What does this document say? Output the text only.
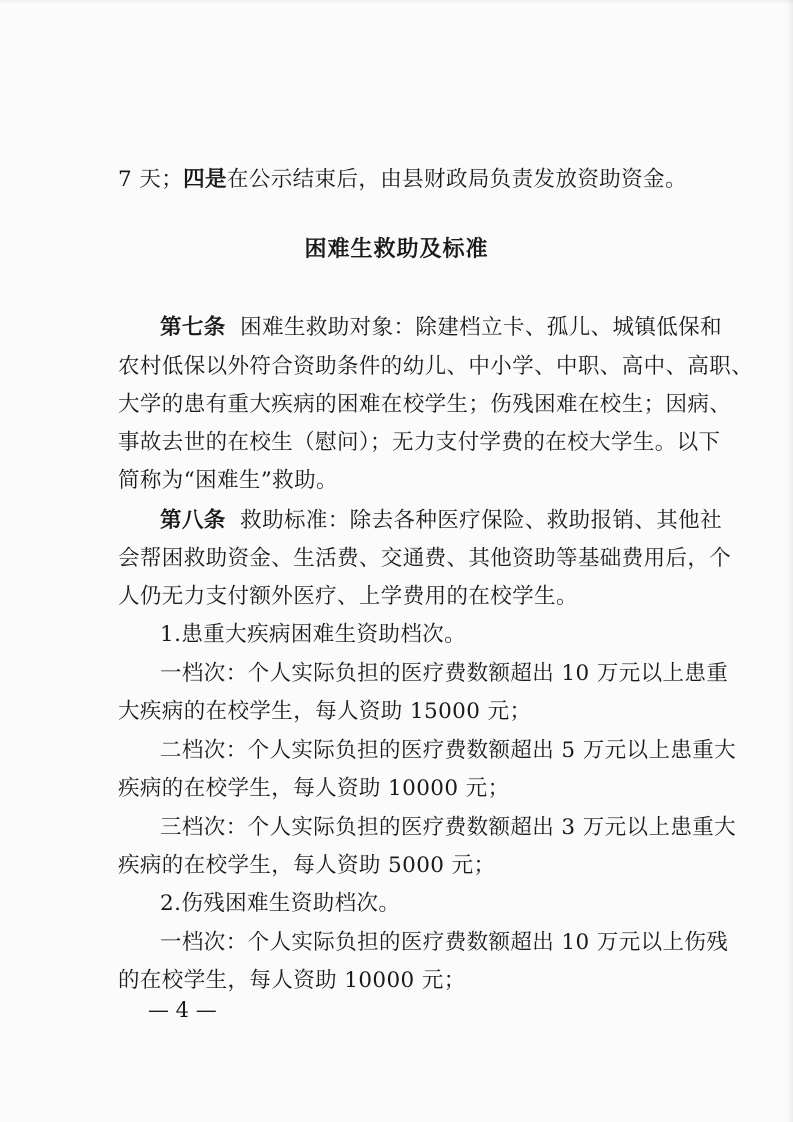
7 天；四是在公示结束后，由县财政局负责发放资助资金。
困难生救助及标准
第七条 困难生救助对象：除建档立卡、孤儿、城镇低保和
农村低保以外符合资助条件的幼儿、中小学、中职、高中、高职、
大学的患有重大疾病的困难在校学生；伤残困难在校生；因病、
事故去世的在校生（慰问）；无力支付学费的在校大学生。以下
简称为“困难生”救助。
第八条 救助标准：除去各种医疗保险、救助报销、其他社
会帮困救助资金、生活费、交通费、其他资助等基础费用后，个
人仍无力支付额外医疗、上学费用的在校学生。
1.患重大疾病困难生资助档次。
一档次：个人实际负担的医疗费数额超出 10 万元以上患重
大疾病的在校学生，每人资助 15000 元；
二档次：个人实际负担的医疗费数额超出 5 万元以上患重大
疾病的在校学生，每人资助 10000 元；
三档次：个人实际负担的医疗费数额超出 3 万元以上患重大
疾病的在校学生，每人资助 5000 元；
2.伤残困难生资助档次。
一档次：个人实际负担的医疗费数额超出 10 万元以上伤残
的在校学生，每人资助 10000 元；
— 4 —
